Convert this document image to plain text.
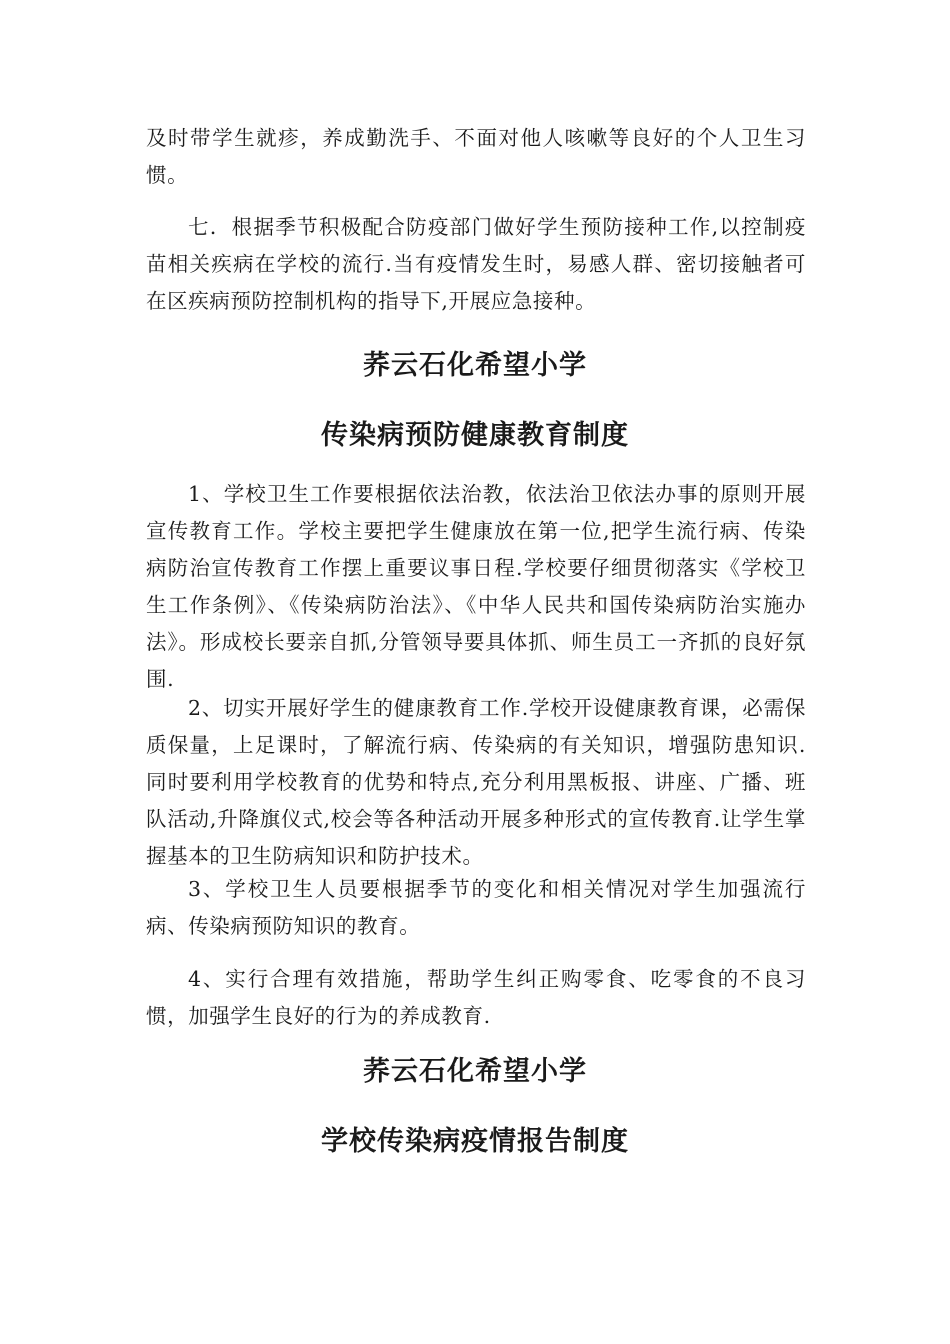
及时带学生就疹，养成勤洗手、不面对他人咳嗽等良好的个人卫生习惯。

七．根据季节积极配合防疫部门做好学生预防接种工作,以控制疫苗相关疾病在学校的流行.当有疫情发生时，易感人群、密切接触者可在区疾病预防控制机构的指导下,开展应急接种。

荞云石化希望小学
传染病预防健康教育制度

1、学校卫生工作要根据依法治教，依法治卫依法办事的原则开展宣传教育工作。学校主要把学生健康放在第一位,把学生流行病、传染病防治宣传教育工作摆上重要议事日程.学校要仔细贯彻落实《学校卫生工作条例》、《传染病防治法》、《中华人民共和国传染病防治实施办法》。形成校长要亲自抓,分管领导要具体抓、师生员工一齐抓的良好氛围.

2、切实开展好学生的健康教育工作.学校开设健康教育课，必需保质保量，上足课时，了解流行病、传染病的有关知识，增强防患知识.同时要利用学校教育的优势和特点,充分利用黑板报、讲座、广播、班队活动,升降旗仪式,校会等各种活动开展多种形式的宣传教育.让学生掌握基本的卫生防病知识和防护技术。

3、学校卫生人员要根据季节的变化和相关情况对学生加强流行病、传染病预防知识的教育。

4、实行合理有效措施，帮助学生纠正购零食、吃零食的不良习惯，加强学生良好的行为的养成教育.

荞云石化希望小学
学校传染病疫情报告制度
